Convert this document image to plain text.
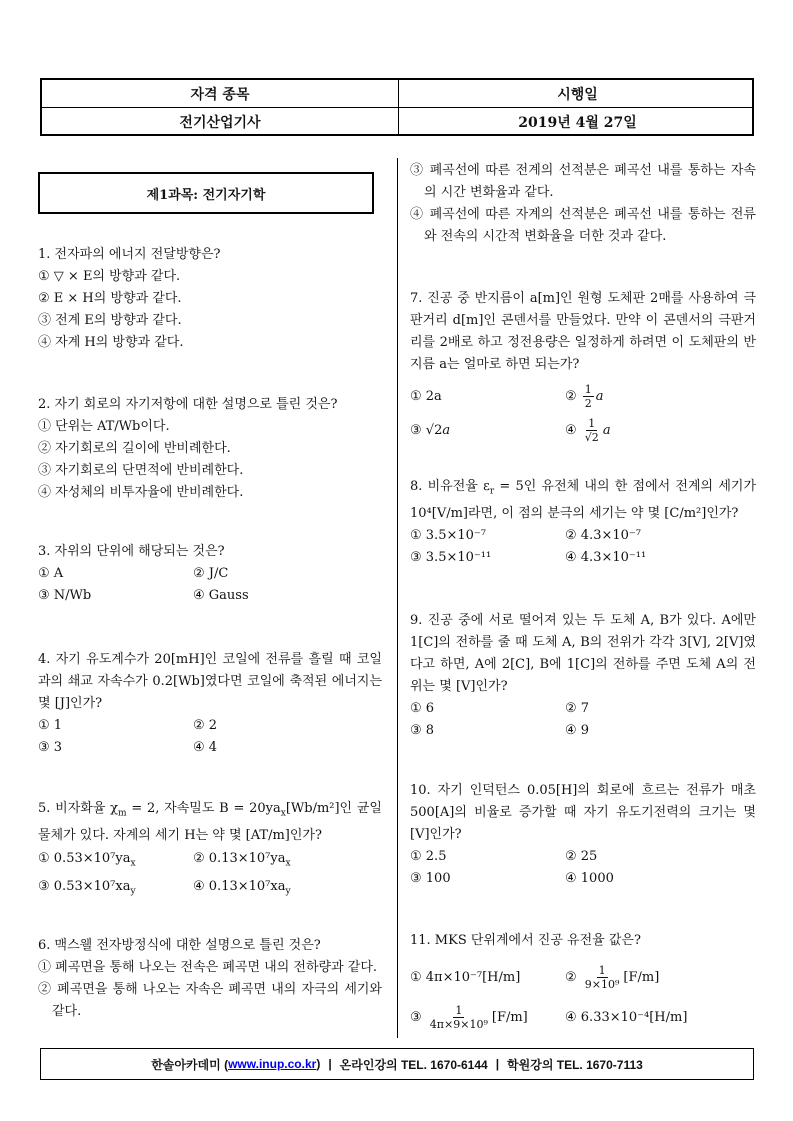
자격 종목	시행일
전기산업기사	2019년 4월 27일
제1과목: 전기자기학
1. 전자파의 에너지 전달방향은?
① ▽ × E의 방향과 같다.
② E × H의 방향과 같다.
③ 전계 E의 방향과 같다.
④ 자계 H의 방향과 같다.
2. 자기 회로의 자기저항에 대한 설명으로 틀린 것은?
① 단위는 AT/Wb이다.
② 자기회로의 길이에 반비례한다.
③ 자기회로의 단면적에 반비례한다.
④ 자성체의 비투자율에 반비례한다.
3. 자위의 단위에 해당되는 것은?
① A	② J/C
③ N/Wb	④ Gauss
4. 자기 유도계수가 20[mH]인 코일에 전류를 흘릴 때 코일과의 쇄교 자속수가 0.2[Wb]였다면 코일에 축적된 에너지는 몇 [J]인가?
① 1	② 2
③ 3	④ 4
5. 비자화율 $\chi_m = 2$, 자속밀도 $B = 20ya_x[Wb/m^2]$인 균일 물체가 있다. 자계의 세기 H는 약 몇 [AT/m]인가?
① $0.53\times 10^7ya_x$	② $0.13\times 10^7ya_x$
③ $0.53\times 10^7xa_y$	④ $0.13\times 10^7xa_y$
6. 맥스웰 전자방정식에 대한 설명으로 틀린 것은?
① 폐곡면을 통해 나오는 전속은 폐곡면 내의 전하량과 같다.
② 폐곡면을 통해 나오는 자속은 폐곡면 내의 자극의 세기와 같다.
③ 폐곡선에 따른 전계의 선적분은 폐곡선 내를 통하는 자속의 시간 변화율과 같다.
④ 폐곡선에 따른 자계의 선적분은 폐곡선 내를 통하는 전류와 전속의 시간적 변화율을 더한 것과 같다.
7. 진공 중 반지름이 a[m]인 원형 도체판 2매를 사용하여 극판거리 d[m]인 콘덴서를 만들었다. 만약 이 콘덴서의 극판거리를 2배로 하고 정전용량은 일정하게 하려면 이 도체판의 반지름 a는 얼마로 하면 되는가?
① 2a	② $\frac{1}{2}$ a
③ √2a	④ $\frac{1}{√2}$ a
8. 비유전율 $\varepsilon_r = 5$인 유전체 내의 한 점에서 전계의 세기가 10⁴[V/m]라면, 이 점의 분극의 세기는 약 몇 [C/m²]인가?
① 3.5×10⁻⁷	② 4.3×10⁻⁷
③ 3.5×10⁻¹¹	④ 4.3×10⁻¹¹
9. 진공 중에 서로 떨어져 있는 두 도체 A, B가 있다. A에만 1[C]의 전하를 줄 때 도체 A, B의 전위가 각각 3[V], 2[V]였다고 하면, A에 2[C], B에 1[C]의 전하를 주면 도체 A의 전위는 몇 [V]인가?
① 6	② 7
③ 8	④ 9
10. 자기 인덕턴스 0.05[H]의 회로에 흐르는 전류가 매초 500[A]의 비율로 증가할 때 자기 유도기전력의 크기는 몇 [V]인가?
① 2.5	② 25
③ 100	④ 1000
11. MKS 단위계에서 진공 유전율 값은?
① 4π×10⁻⁷[H/m]	② $\frac{1}{\text{9×10⁹}} [F/m]$
③ $\frac{1}{\text{4π×9×10⁹}} [F/m]$	④ 6.33×10⁻⁴[H/m]
한솔아카데미 ( www.inup.co.kr ) | 온라인강의 TEL. 1670-6144 | 학원강의 TEL. 1670-7113
